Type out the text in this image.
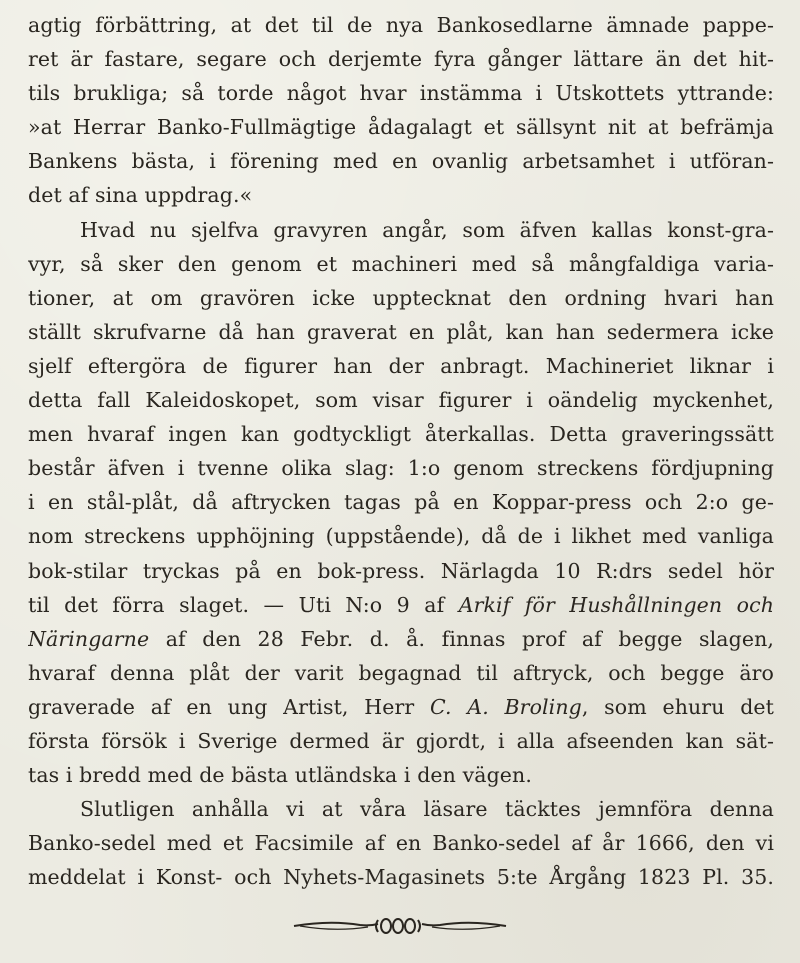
agtig förbättring, at det til de nya Bankosedlarne ämnade pappe-
ret är fastare, segare och derjemte fyra gånger lättare än det hit-
tils brukliga; så torde något hvar instämma i Utskottets yttrande:
»at Herrar Banko-Fullmägtige ådagalagt et sällsynt nit at befrämja
Bankens bästa, i förening med en ovanlig arbetsamhet i utföran-
det af sina uppdrag.«
Hvad nu sjelfva gravyren angår, som äfven kallas konst-gra-
vyr, så sker den genom et machineri med så mångfaldiga varia-
tioner, at om gravören icke upptecknat den ordning hvari han
ställt skrufvarne då han graverat en plåt, kan han sedermera icke
sjelf eftergöra de figurer han der anbragt. Machineriet liknar i
detta fall Kaleidoskopet, som visar figurer i oändelig myckenhet,
men hvaraf ingen kan godtyckligt återkallas. Detta graveringssätt
består äfven i tvenne olika slag: 1:o genom streckens fördjupning
i en stål-plåt, då aftrycken tagas på en Koppar-press och 2:o ge-
nom streckens upphöjning (uppstående), då de i likhet med vanliga
bok-stilar tryckas på en bok-press. Närlagda 10 R:drs sedel hör
til det förra slaget. — Uti N:o 9 af Arkif för Hushållningen och
Näringarne af den 28 Febr. d. å. finnas prof af begge slagen,
hvaraf denna plåt der varit begagnad til aftryck, och begge äro
graverade af en ung Artist, Herr C. A. Broling, som ehuru det
första försök i Sverige dermed är gjordt, i alla afseenden kan sät-
tas i bredd med de bästa utländska i den vägen.
Slutligen anhålla vi at våra läsare täcktes jemnföra denna
Banko-sedel med et Facsimile af en Banko-sedel af år 1666, den vi
meddelat i Konst- och Nyhets-Magasinets 5:te Årgång 1823 Pl. 35.
